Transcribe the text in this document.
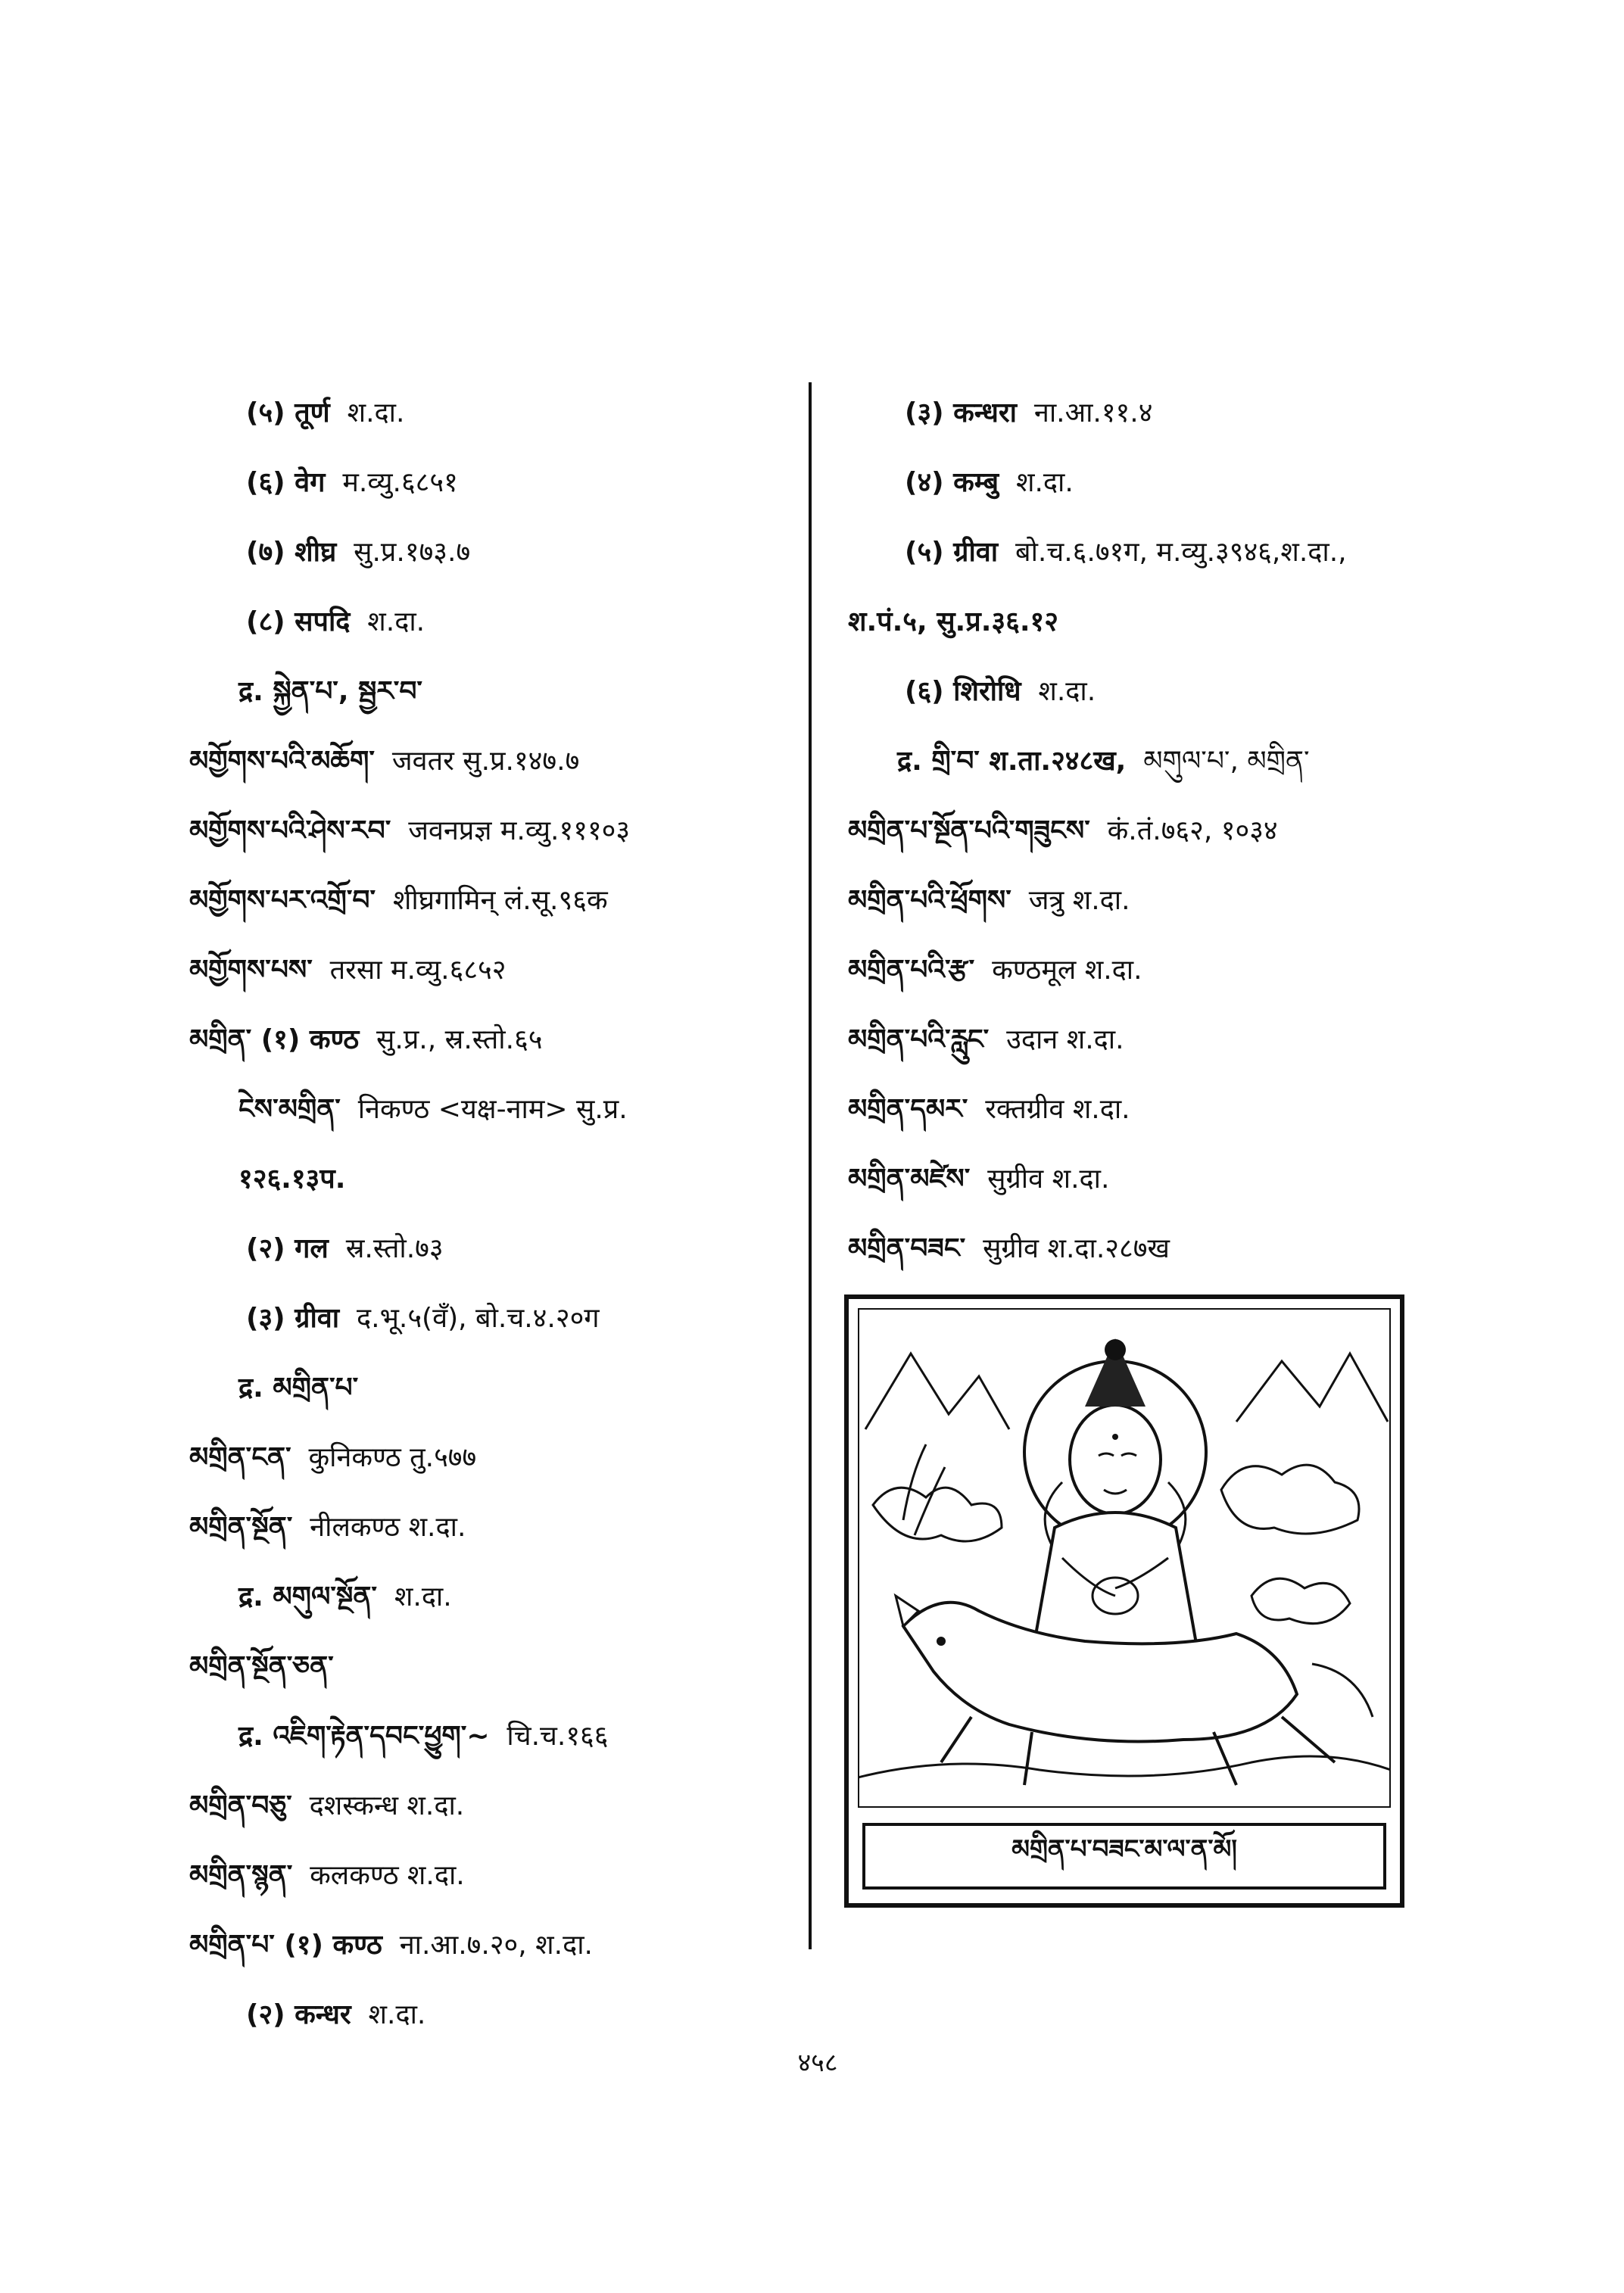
(५) तूर्ण
श.दा.
(६) वेग
म.व्यु.६८५१
(७) शीघ्र
सु.प्र.१७३.७
(८) सपदि
श.दा.
द्र. སྐྱེན་པ་, སྦྱར་བ་

མགྱོགས་པའི་མཆོག་
जवतर सु.प्र.१४७.७
མགྱོགས་པའི་ཤེས་རབ་
जवनप्रज्ञ म.व्यु.१११०३
མགྱོགས་པར་འགྲོ་བ་
शीघ्रगामिन् लं.सू.९६क
མགྱོགས་པས་
तरसा म.व्यु.६८५२
མགྲིན་ (१) कण्ठ
सु.प्र., स्र.स्तो.६५
ངེས་མགྲིན་
निकण्ठ <यक्ष-नाम> सु.प्र.
१२६.१३प.

(२) गल
स्र.स्तो.७३
(३) ग्रीवा
द.भू.५(वँ), बो.च.४.२०ग
द्र. མགྲིན་པ་

མགྲིན་ངན་
कुनिकण्ठ तु.५७७
མགྲིན་སྔོན་
नीलकण्ठ श.दा.
द्र. མགུལ་སྔོན་
श.दा.
མགྲིན་སྔོན་ཅན་

द्र. འཇིག་རྟེན་དབང་ཕྱུག་~
चि.च.१६६
མགྲིན་བཅུ་
दशस्कन्ध श.दा.
མགྲིན་སྙན་
कलकण्ठ श.दा.
མགྲིན་པ་ (१) कण्ठ
ना.आ.७.२०, श.दा.
(२) कन्धर
श.दा.
(३) कन्धरा
ना.आ.११.४
(४) कम्बु
श.दा.
(५) ग्रीवा
बो.च.६.७१ग, म.व्यु.३९४६,श.दा.,
श.पं.५, सु.प्र.३६.१२

(६) शिरोधि
श.दा.
द्र. གྲི་བ་ श.ता.२४८ख,
མགུལ་པ་, མགྲིན་
མགྲིན་པ་སྔོན་པའི་གཟུངས་
कं.तं.७६२, १०३४
མགྲིན་པའི་ཕྲོགས་
जत्रु श.दा.
མགྲིན་པའི་རྩ་
कण्ठमूल श.दा.
མགྲིན་པའི་རླུང་
उदान श.दा.
མགྲིན་དམར་
रक्तग्रीव श.दा.
མགྲིན་མཛེས་
सुग्रीव श.दा.
མགྲིན་བཟང་
सुग्रीव श.दा.२८७ख

མགྲིན་པ་བཟང་མ་ལ་ན་མོ།
४५८
